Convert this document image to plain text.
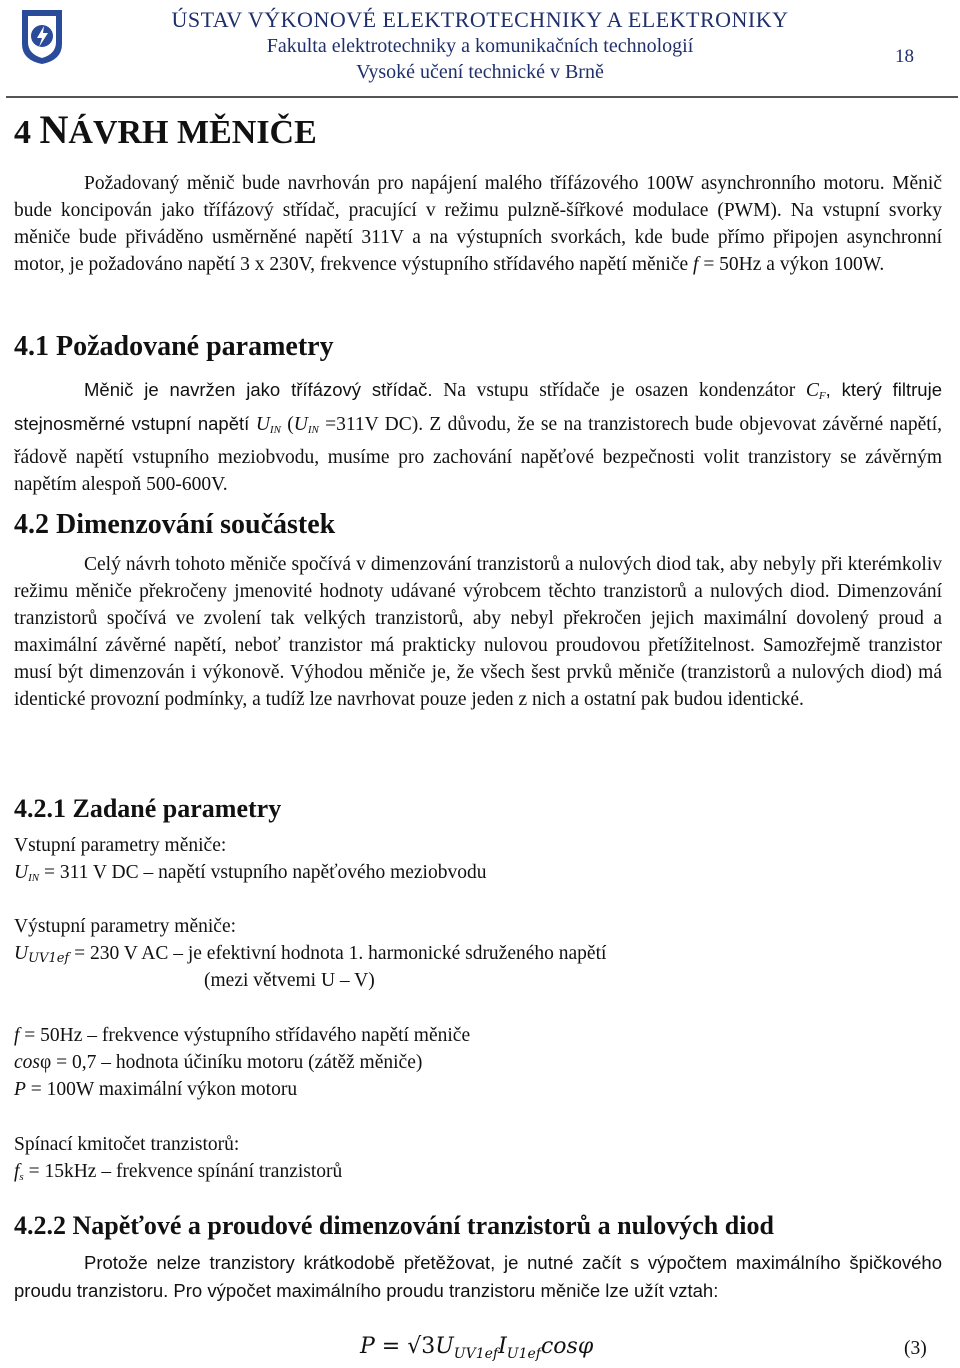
ÚSTAV VÝKONOVÉ ELEKTROTECHNIKY A ELEKTRONIKY
Fakulta elektrotechniky a komunikačních technologií
Vysoké učení technické v Brně
18
4 NÁVRH MĚNIČE
Požadovaný měnič bude navrhován pro napájení malého třífázového 100W asynchronního motoru. Měnič bude koncipován jako třífázový střídač, pracující v režimu pulzně-šířkové modulace (PWM). Na vstupní svorky měniče bude přiváděno usměrněné napětí 311V a na výstupních svorkách, kde bude přímo připojen asynchronní motor, je požadováno napětí 3 x 230V, frekvence výstupního střídavého napětí měniče f = 50Hz a výkon 100W.
4.1 Požadované parametry
Měnič je navržen jako třífázový střídač. Na vstupu střídače je osazen kondenzátor $C_F$, který filtruje stejnosměrné vstupní napětí $U_{IN}$ ($U_{IN} =311V$ DC). Z důvodu, že se na tranzistorech bude objevovat závěrné napětí, řádově napětí vstupního meziobvodu, musíme pro zachování napěťové bezpečnosti volit tranzistory se závěrným napětím alespoň 500-600V.
4.2 Dimenzování součástek
Celý návrh tohoto měniče spočívá v dimenzování tranzistorů a nulových diod tak, aby nebyly při kterémkoliv režimu měniče překročeny jmenovité hodnoty udávané výrobcem těchto tranzistorů a nulových diod. Dimenzování tranzistorů spočívá ve zvolení tak velkých tranzistorů, aby nebyl překročen jejich maximální dovolený proud a maximální závěrné napětí, neboť tranzistor má prakticky nulovou proudovou přetížitelnost. Samozřejmě tranzistor musí být dimenzován i výkonově. Výhodou měniče je, že všech šest prvků měniče (tranzistorů a nulových diod) má identické provozní podmínky, a tudíž lze navrhovat pouze jeden z nich a ostatní pak budou identické.
4.2.1 Zadané parametry
Vstupní parametry měniče:
$U_{IN} = 311$ V DC – napětí vstupního napěťového meziobvodu
Výstupní parametry měniče:
$U_{UV1ef} = 230$ V AC – je efektivní hodnota 1. harmonické sdruženého napětí
(mezi větvemi U – V)
f = 50Hz – frekvence výstupního střídavého napětí měniče
cosφ = 0,7 – hodnota účiníku motoru (zátěž měniče)
P = 100W maximální výkon motoru
Spínací kmitočet tranzistorů:
$f_s = 15kHz$ – frekvence spínání tranzistorů
4.2.2 Napěťové a proudové dimenzování tranzistorů a nulových diod
Protože nelze tranzistory krátkodobě přetěžovat, je nutné začít s výpočtem maximálního špičkového proudu tranzistoru. Pro výpočet maximálního proudu tranzistoru měniče lze užít vztah:
$P = √3U_{UV1ef}I_{U1ef}\cos\varphi$	(3)
